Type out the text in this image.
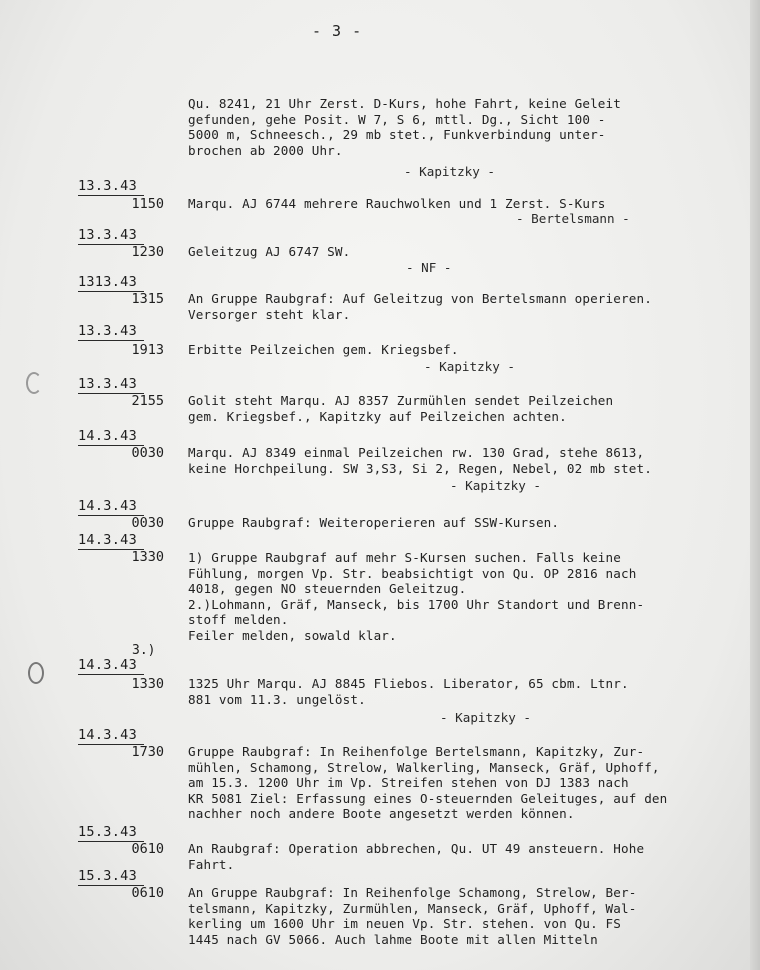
- 3 -
Qu. 8241, 21 Uhr Zerst. D-Kurs, hohe Fahrt, keine Geleit
gefunden, gehe Posit. W 7, S 6, mttl. Dg., Sicht 100 -
5000 m, Schneesch., 29 mb stet., Funkverbindung unter-
brochen ab 2000 Uhr.
- Kapitzky -
13.3.43
1150 Marqu. AJ 6744 mehrere Rauchwolken und 1 Zerst. S-Kurs
- Bertelsmann -
13.3.43
1230 Geleitzug AJ 6747 SW.
- NF -
1313.43
1315 An Gruppe Raubgraf: Auf Geleitzug von Bertelsmann operieren.
Versorger steht klar.
13.3.43
1913 Erbitte Peilzeichen gem. Kriegsbef.
- Kapitzky -
13.3.43
2155 Golit steht Marqu. AJ 8357 Zurmühlen sendet Peilzeichen
gem. Kriegsbef., Kapitzky auf Peilzeichen achten.
14.3.43
0030 Marqu. AJ 8349 einmal Peilzeichen rw. 130 Grad, stehe 8613,
keine Horchpeilung. SW 3,S3, Si 2, Regen, Nebel, 02 mb stet.
- Kapitzky -
14.3.43
0030 Gruppe Raubgraf: Weiteroperieren auf SSW-Kursen.
14.3.43
1330 1) Gruppe Raubgraf auf mehr S-Kursen suchen. Falls keine
Fühlung, morgen Vp. Str. beabsichtigt von Qu. OP 2816 nach
4018, gegen NO steuernden Geleitzug.
2.)Lohmann, Gräf, Manseck, bis 1700 Uhr Standort und Brenn-
stoff melden.
Feiler melden, sowald klar.
3.)
14.3.43
1330 1325 Uhr Marqu. AJ 8845 Fliebos. Liberator, 65 cbm. Ltnr.
881 vom 11.3. ungelöst.
- Kapitzky -
14.3.43
1730 Gruppe Raubgraf: In Reihenfolge Bertelsmann, Kapitzky, Zur-
mühlen, Schamong, Strelow, Walkerling, Manseck, Gräf, Uphoff,
am 15.3. 1200 Uhr im Vp. Streifen stehen von DJ 1383 nach
KR 5081 Ziel: Erfassung eines O-steuernden Geleituges, auf den
nachher noch andere Boote angesetzt werden können.
15.3.43
0610 An Raubgraf: Operation abbrechen, Qu. UT 49 ansteuern. Hohe
Fahrt.
15.3.43
0610 An Gruppe Raubgraf: In Reihenfolge Schamong, Strelow, Ber-
telsmann, Kapitzky, Zurmühlen, Manseck, Gräf, Uphoff, Wal-
kerling um 1600 Uhr im neuen Vp. Str. stehen. von Qu. FS
1445 nach GV 5066. Auch lahme Boote mit allen Mitteln
